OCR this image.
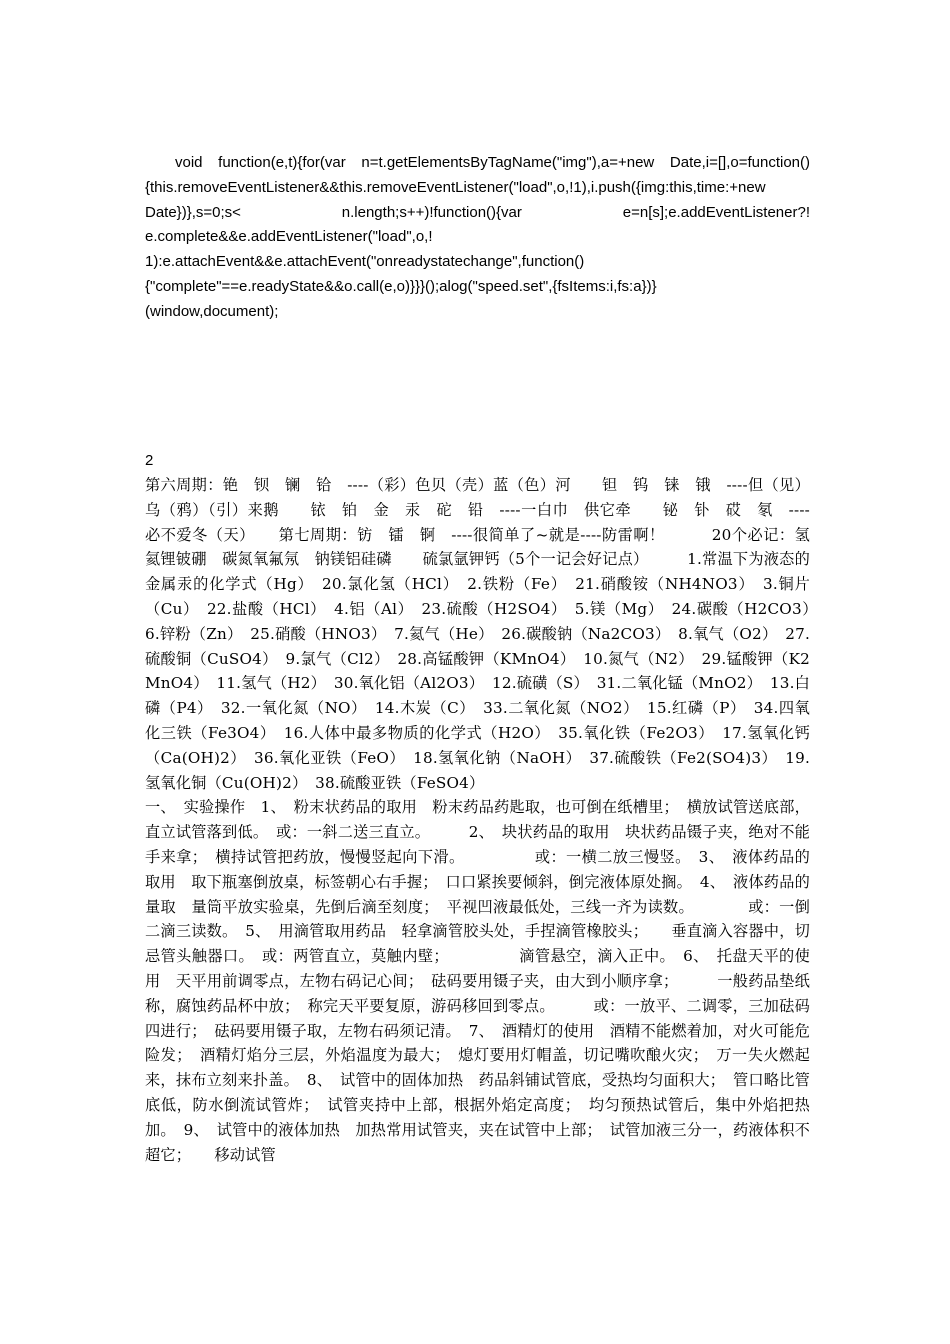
void function(e,t){for(var n=t.getElementsByTagName("img"),a=+new Date,i=[],o=function()
{this.removeEventListener&&this.removeEventListener("load",o,!1),i.push({img:this,time:+new
Date})},s=0;s< n.length;s++)!function(){var e=n[s];e.addEventListener?!
e.complete&&e.addEventListener("load",o,!
1):e.attachEvent&&e.attachEvent("onreadystatechange",function()
{"complete"==e.readyState&&o.call(e,o)}}}();alog("speed.set",{fsItems:i,fs:a})}
(window,document);
2

第六周期：铯　钡　镧　铪　----（彩）色贝（壳）蓝（色）河　　钽　钨　铼　锇　----但（见）乌（鸦）（引）来鹅　　铱　铂　金　汞　砣　铅　----一白巾　供它牵　　铋　钋　砹　氡　----必不爱冬（天）　　第七周期：钫　镭　锕　----很简单了~就是----防雷啊！　　　20个必记：氢氦锂铍硼　碳氮氧氟氖　钠镁铝硅磷　　硫氯氩钾钙（5个一记会好记点）　　　1.常温下为液态的金属汞的化学式（Hg）　20.氯化氢（HCl）　2.铁粉（Fe）　21.硝酸铵（NH4NO3）　3.铜片（Cu）　22.盐酸（HCl）　4.铝（Al）　23.硫酸（H2SO4）　5.镁（Mg）　24.碳酸（H2CO3）　6.锌粉（Zn）　25.硝酸（HNO3）　7.氦气（He）　26.碳酸钠（Na2CO3）　8.氧气（O2）　27.硫酸铜（CuSO4）　9.氯气（Cl2）　28.高锰酸钾（KMnO4）　10.氮气（N2）　29.锰酸钾（K2MnO4）　11.氢气（H2）　30.氧化铝（Al2O3）　12.硫磺（S）　31.二氧化锰（MnO2）　13.白磷（P4）　32.一氧化氮（NO）　14.木炭（C）　33.二氧化氮（NO2）　15.红磷（P）　34.四氧化三铁（Fe3O4）　16.人体中最多物质的化学式（H2O）　35.氧化铁（Fe2O3）　17.氢氧化钙（Ca(OH)2）　36.氧化亚铁（FeO）　18.氢氧化钠（NaOH）　37.硫酸铁（Fe2(SO4)3）　19.氢氧化铜（Cu(OH)2）　38.硫酸亚铁（FeSO4）

一、　实验操作　1、　粉末状药品的取用　粉末药品药匙取，也可倒在纸槽里；　横放试管送底部，直立试管落到低。　或：一斜二送三直立。　　　2、　块状药品的取用　块状药品镊子夹，绝对不能手来拿；　横持试管把药放，慢慢竖起向下滑。　　　　　或：一横二放三慢竖。　3、　液体药品的取用　取下瓶塞倒放桌，标签朝心右手握；　口口紧挨要倾斜，倒完液体原处搁。　4、　液体药品的量取　量筒平放实验桌，先倒后滴至刻度；　平视凹液最低处，三线一齐为读数。　　　　或：一倒二滴三读数。　5、　用滴管取用药品　轻拿滴管胶头处，手捏滴管橡胶头；　　垂直滴入容器中，切忌管头触器口。　或：两管直立，莫触内壁；　　　　　滴管悬空，滴入正中。　6、　托盘天平的使用　天平用前调零点，左物右码记心间；　砝码要用镊子夹，由大到小顺序拿；　　　一般药品垫纸称，腐蚀药品杯中放；　称完天平要复原，游码移回到零点。　　　或：一放平、二调零，三加砝码四进行；　砝码要用镊子取，左物右码须记清。　7、　酒精灯的使用　酒精不能燃着加，对火可能危险发；　酒精灯焰分三层，外焰温度为最大；　熄灯要用灯帽盖，切记嘴吹酿火灾；　万一失火燃起来，抹布立刻来扑盖。　8、　试管中的固体加热　药品斜铺试管底，受热均匀面积大；　管口略比管底低，防水倒流试管炸；　试管夹持中上部，根据外焰定高度；　均匀预热试管后，集中外焰把热加。　9、　试管中的液体加热　加热常用试管夹，夹在试管中上部；　试管加液三分一，药液体积不超它；　　移动试管
